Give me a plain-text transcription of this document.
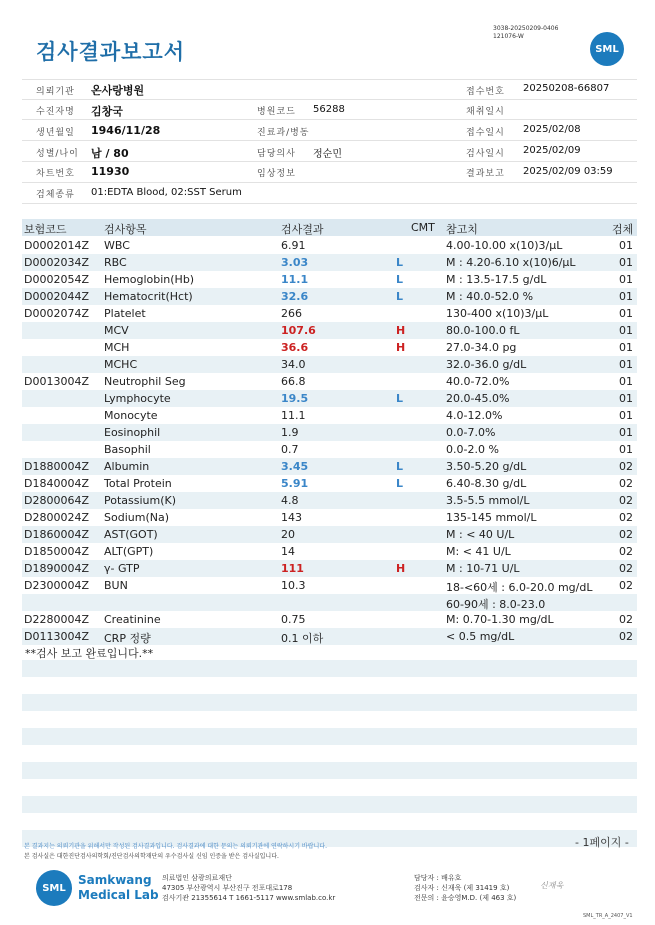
검사결과보고서
3038-20250209-0406
121076-W
SML
의뢰기관 온사랑병원	접수번호 20250208-66807
수진자명 김창국	병원코드 56288	채취일시
생년월일 1946/11/28	진료과/병동	접수일시 2025/02/08
성별/나이 남 / 80	담당의사 정순민	검사일시 2025/02/09
차트번호 11930	임상정보	결과보고 2025/02/09 03:59
검체종류 01:EDTA Blood, 02:SST Serum
보험코드	검사항목	검사결과	CMT 참고치	검체
D0002014Z WBC	6.91	4.00-10.00 x(10)3/μL	01
D0002034Z RBC	3.03	L	M : 4.20-6.10 x(10)6/μL	01
D0002054Z Hemoglobin(Hb)	11.1	L	M : 13.5-17.5 g/dL	01
D0002044Z Hematocrit(Hct)	32.6	L	M : 40.0-52.0 %	01
D0002074Z Platelet	266	130-400 x(10)3/μL	01
MCV	107.6	H	80.0-100.0 fL	01
MCH	36.6	H	27.0-34.0 pg	01
MCHC	34.0	32.0-36.0 g/dL	01
D0013004Z Neutrophil Seg	66.8	40.0-72.0%	01
Lymphocyte	19.5	L	20.0-45.0%	01
Monocyte	11.1	4.0-12.0%	01
Eosinophil	1.9	0.0-7.0%	01
Basophil	0.7	0.0-2.0 %	01
D1880004Z Albumin	3.45	L	3.50-5.20 g/dL	02
D1840004Z Total Protein	5.91	L	6.40-8.30 g/dL	02
D2800064Z Potassium(K)	4.8	3.5-5.5 mmol/L	02
D2800024Z Sodium(Na)	143	135-145 mmol/L	02
D1860004Z AST(GOT)	20	M : < 40 U/L	02
D1850004Z ALT(GPT)	14	M: < 41 U/L	02
D1890004Z γ- GTP	111	H	M : 10-71 U/L	02
D2300004Z BUN	10.3	18-<60세 : 6.0-20.0 mg/dL 02
60-90세 : 8.0-23.0
D2280004Z Creatinine	0.75	M: 0.70-1.30 mg/dL	02
D0113004Z CRP 정량	0.1 이하	< 0.5 mg/dL	02
**검사 보고 완료입니다.**
- 1페이지 -
본 결과지는 의뢰기관을 위해서만 작성된 검사결과입니다. 검사결과에 대한 문의는 의뢰기관에 연락하시기 바랍니다.
본 검사실은 대한진단검사의학회/진단검사의학재단의 우수검사실 신임 인증을 받은 검사실입니다.
SML
Samkwang
Medical Lab
의료법인 삼광의료재단
47305 부산광역시 부산진구 전포대로178
검사기관 21355614 T 1661-5117 www.smlab.co.kr
담당자 : 배유호
검사자 : 신재욱 (제 31419 호)
전문의 : 윤승영M.D. (제 463 호)
신재욱
SML_TR_A_2407_V1
